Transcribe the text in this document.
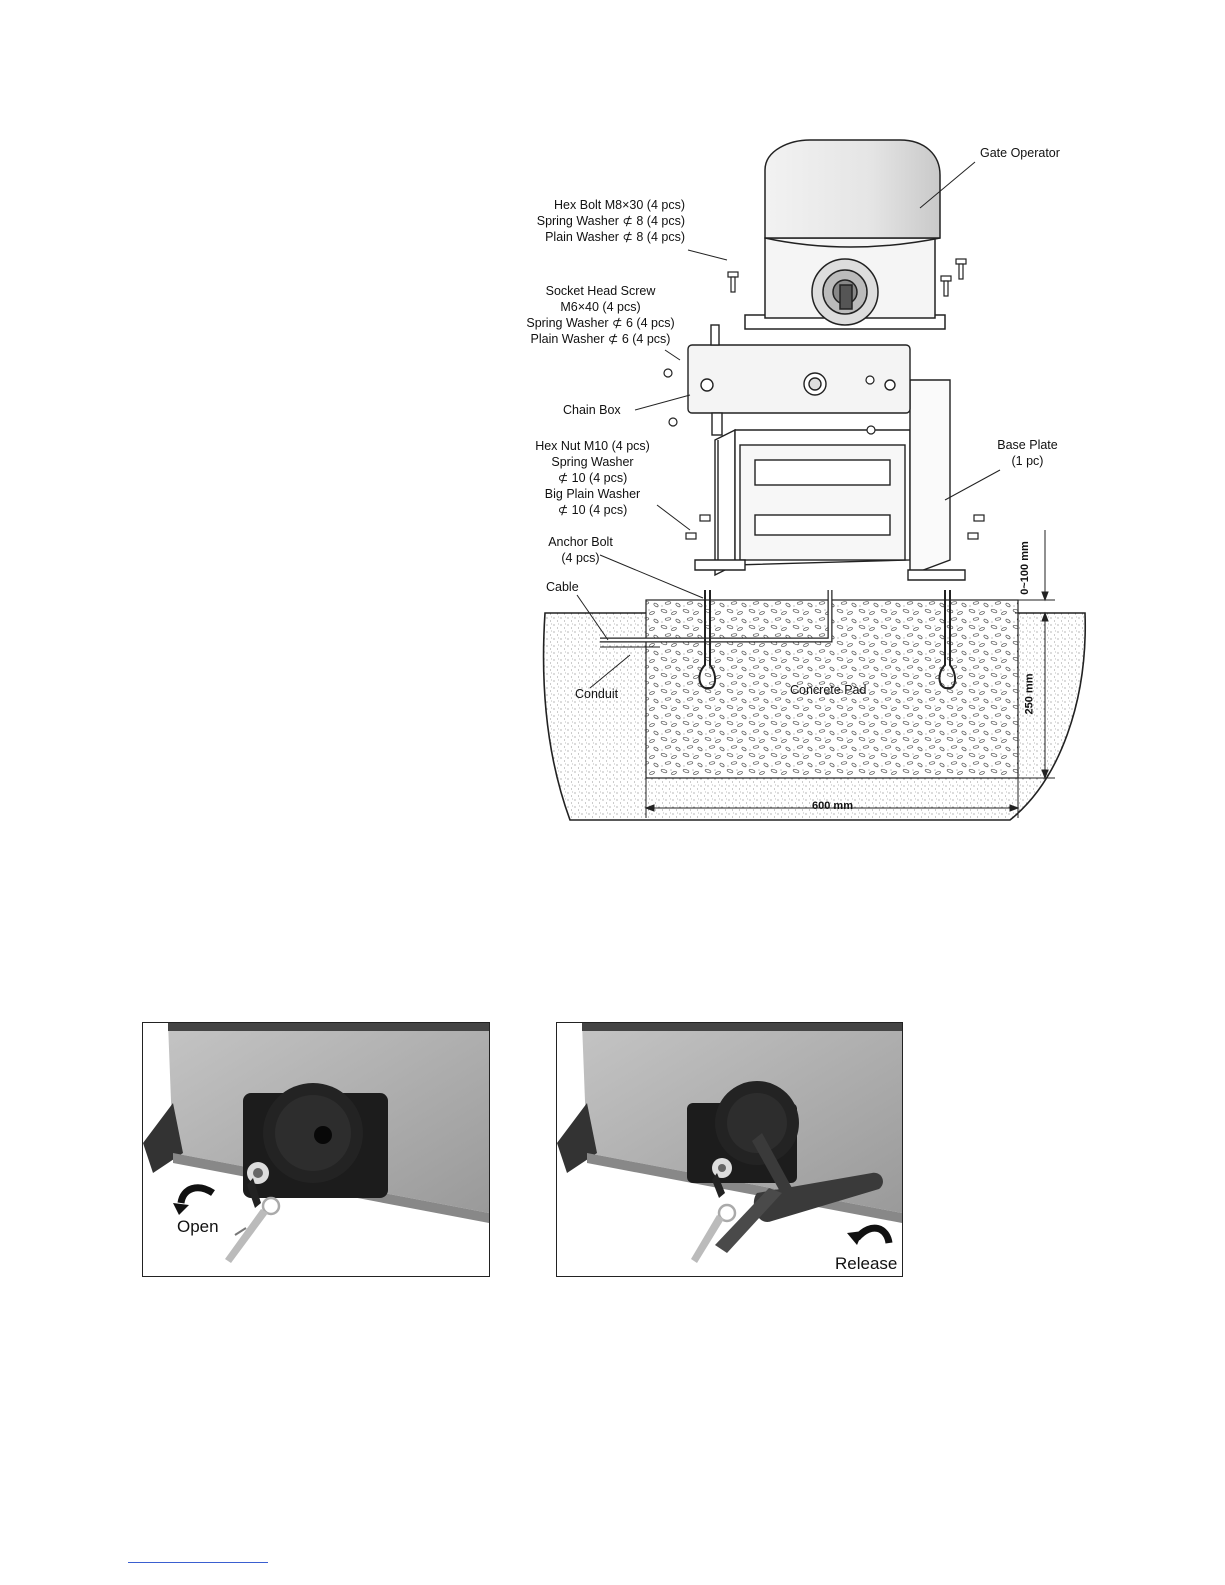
Gate Operator
Hex Bolt M8×30 (4 pcs)
Spring Washer ⊄ 8 (4 pcs)
Plain Washer ⊄ 8 (4 pcs)
Socket Head Screw
M6×40 (4 pcs)
Spring Washer ⊄ 6 (4 pcs)
Plain Washer ⊄ 6 (4 pcs)
Chain Box
Hex Nut M10 (4 pcs)
Spring Washer
⊄ 10 (4 pcs)
Big Plain Washer
⊄ 10 (4 pcs)
Base Plate
(1 pc)
Anchor Bolt
(4 pcs)
Cable
Conduit	Concrete Pad
0~100 mm
250 mm
600 mm
Open
Release
